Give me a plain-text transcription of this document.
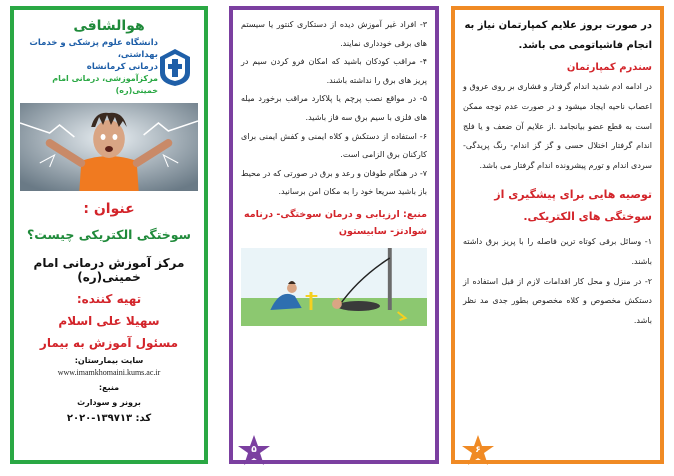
هوالشافی
دانشگاه علوم پزشکی و خدمات بهداشتی،
درمانی کرمانشاه
مرکزآموزشی، درمانی امام خمینی(ره)
عنوان :
سوختگی الکتریکی چیست؟
مرکز آموزش درمانی امام خمینی(ره)
تهیه کننده:
سهیلا علی اسلام
مسئول آموزش به بیمار
سایت بیمارستان:
www.imamkhomaini.kums.ac.ir
منبع:
برونر و سودارث
کد: ۱۳۹۷۱۳-۲۰۲۰

۳- افراد غیر آموزش دیده از دستکاری کنتور یا سیستم های برقی خودداری نمایند.

۴- مراقب کودکان باشید که امکان فرو کردن سیم در پریز های برق را نداشته باشند.

۵- در مواقع نصب پرچم یا پلاکارد مراقب برخورد میله های فلزی با سیم برق سه فاز باشید.

۶- استفاده از دستکش و کلاه ایمنی و کفش ایمنی برای کارکنان برق الزامی است.

۷- در هنگام طوفان و رعد و برق در صورتی که در محیط باز باشید سریعا خود را به مکان امن برسانید.

منبع: ارزیابی و درمان سوختگی- درنامه شوادتز- سابیستون
۵
در صورت بروز علایم کمپارتمان نیاز به انجام فاشیاتومی می باشد.
سندرم کمپارتمان
در ادامه ادم شدید اندام گرفتار و فشاری بر روی عروق و اعصاب ناحیه ایجاد میشود و در صورت عدم توجه ممکن است به قطع عضو بیانجامد .از علایم آن ضعف و یا فلج اندام گرفتار اختلال حسی و گز گز اندام- رنگ پریدگی- سردی اندام و تورم پیشرونده اندام گرفتار می باشد.
توصیه هایی برای پیشگیری از سوختگی های الکتریکی.

۱- وسائل برقی کوتاه ترین فاصله را با پریز برق داشته باشند.

۲- در منزل و محل کار اقدامات لازم از قبل استفاده از دستکش مخصوص و کلاه مخصوص بطور جدی مد نظر باشد.

۶
